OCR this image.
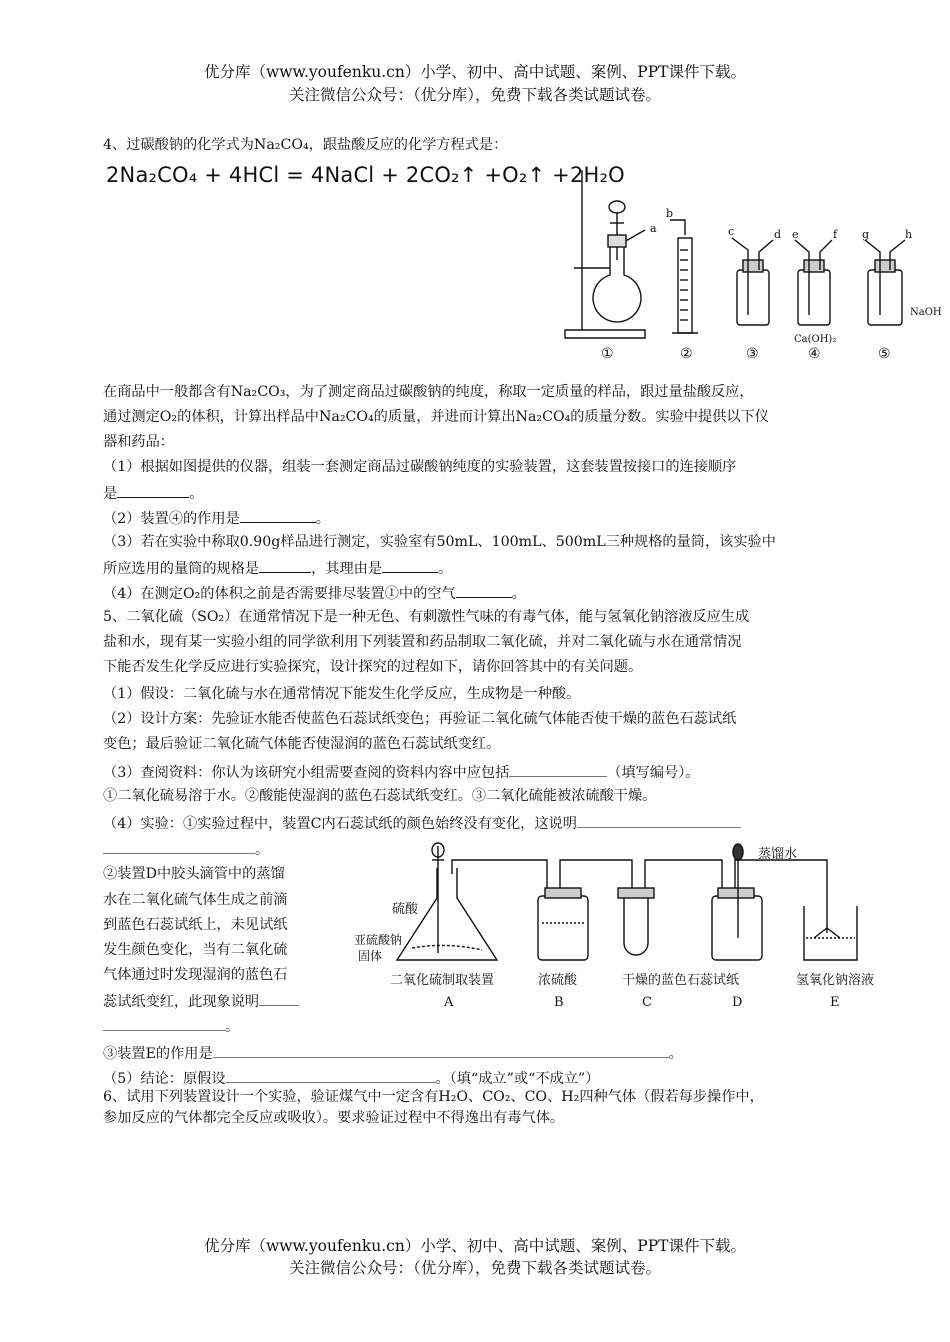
优分库（www.youfenku.cn）小学、初中、高中试题、案例、PPT课件下载。
关注微信公众号：（优分库），免费下载各类试题试卷。
4、过碳酸钠的化学式为Na₂CO₄，跟盐酸反应的化学方程式是：
2Na₂CO₄ + 4HCl = 4NaCl + 2CO₂↑ +O₂↑ +2H₂O
a
b
c	d e	f g	h
Ca(OH)₂
NaOH
①	②	③	④	⑤
在商品中一般都含有Na₂CO₃，为了测定商品过碳酸钠的纯度，称取一定质量的样品，跟过量盐酸反应，
通过测定O₂的体积，计算出样品中Na₂CO₄的质量，并进而计算出Na₂CO₄的质量分数。实验中提供以下仪
器和药品：
（1）根据如图提供的仪器，组装一套测定商品过碳酸钠纯度的实验装置，这套装置按接口的连接顺序
是	。
（2）装置④的作用是	。
（3）若在实验中称取0.90g样品进行测定，实验室有50mL、100mL、500mL三种规格的量筒，该实验中
所应选用的量筒的规格是	，其理由是	。
（4）在测定O₂的体积之前是否需要排尽装置①中的空气	。
5、二氧化硫（SO₂）在通常情况下是一种无色、有刺激性气味的有毒气体，能与氢氧化钠溶液反应生成
盐和水，现有某一实验小组的同学欲利用下列装置和药品制取二氧化硫，并对二氧化硫与水在通常情况
下能否发生化学反应进行实验探究，设计探究的过程如下，请你回答其中的有关问题。
（1）假设：二氧化硫与水在通常情况下能发生化学反应，生成物是一种酸。
（2）设计方案：先验证水能否使蓝色石蕊试纸变色；再验证二氧化硫气体能否使干燥的蓝色石蕊试纸
变色；最后验证二氧化硫气体能否使湿润的蓝色石蕊试纸变红。
（3）查阅资料：你认为该研究小组需要查阅的资料内容中应包括	（填写编号）。
①二氧化硫易溶于水。②酸能使湿润的蓝色石蕊试纸变红。③二氧化硫能被浓硫酸干燥。
（4）实验：①实验过程中，装置C内石蕊试纸的颜色始终没有变化，这说明
。
②装置D中胶头滴管中的蒸馏
水在二氧化硫气体生成之前滴
到蓝色石蕊试纸上，未见试纸
发生颜色变化，当有二氧化硫
气体通过时发现湿润的蓝色石
蕊试纸变红，此现象说明
。
硫酸
亚硫酸钠
固体
蒸馏水
二氧化硫制取装置	浓硫酸	干燥的蓝色石蕊试纸	氢氧化钠溶液
A	B	C	D	E
③装置E的作用是	。
（5）结论：原假设	。（填“成立”或“不成立”）
6、试用下列装置设计一个实验，验证煤气中一定含有H₂O、CO₂、CO、H₂四种气体（假若每步操作中，
参加反应的气体都完全反应或吸收）。要求验证过程中不得逸出有毒气体。
优分库（www.youfenku.cn）小学、初中、高中试题、案例、PPT课件下载。
关注微信公众号：（优分库），免费下载各类试题试卷。
